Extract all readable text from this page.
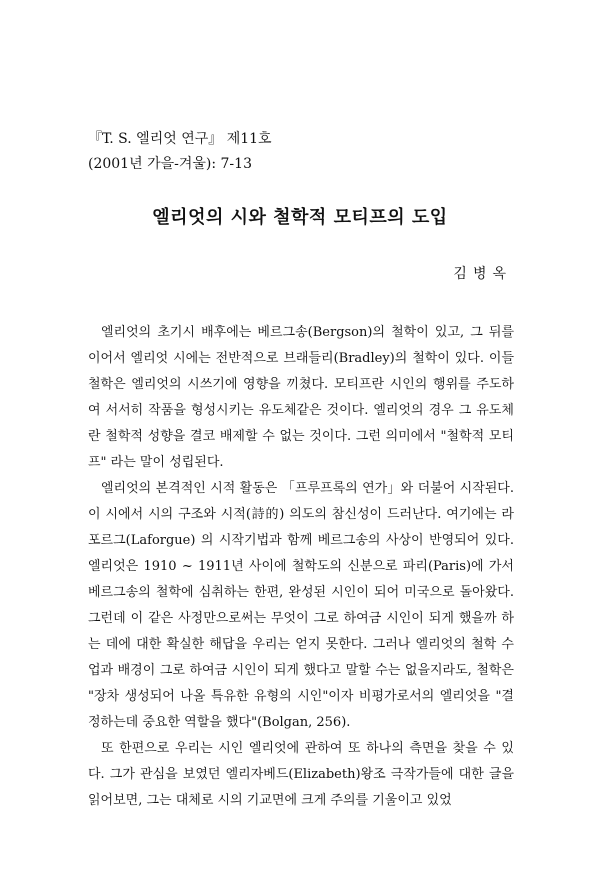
『T. S. 엘리엇 연구』 제11호
(2001년 가을-겨울): 7-13
엘리엇의 시와 철학적 모티프의 도입
김병옥

엘리엇의 초기시 배후에는 베르그송(Bergson)의 철학이 있고, 그 뒤를 이어서 엘리엇 시에는 전반적으로 브래들리(Bradley)의 철학이 있다. 이들 철학은 엘리엇의 시쓰기에 영향을 끼쳤다. 모티프란 시인의 행위를 주도하여 서서히 작품을 형성시키는 유도체같은 것이다. 엘리엇의 경우 그 유도체란 철학적 성향을 결코 배제할 수 없는 것이다. 그런 의미에서 "철학적 모티프" 라는 말이 성립된다.

엘리엇의 본격적인 시적 활동은 「프루프록의 연가」와 더불어 시작된다. 이 시에서 시의 구조와 시적(詩的) 의도의 참신성이 드러난다. 여기에는 라포르그(Laforgue) 의 시작기법과 함께 베르그송의 사상이 반영되어 있다. 엘리엇은 1910 ~ 1911년 사이에 철학도의 신분으로 파리(Paris)에 가서 베르그송의 철학에 심취하는 한편, 완성된 시인이 되어 미국으로 돌아왔다. 그런데 이 같은 사정만으로써는 무엇이 그로 하여금 시인이 되게 했을까 하는 데에 대한 확실한 해답을 우리는 얻지 못한다. 그러나 엘리엇의 철학 수업과 배경이 그로 하여금 시인이 되게 했다고 말할 수는 없을지라도, 철학은 "장차 생성되어 나올 특유한 유형의 시인"이자 비평가로서의 엘리엇을 "결정하는데 중요한 역할을 했다"(Bolgan, 256).

또 한편으로 우리는 시인 엘리엇에 관하여 또 하나의 측면을 찾을 수 있다. 그가 관심을 보였던 엘리자베드(Elizabeth)왕조 극작가들에 대한 글을 읽어보면, 그는 대체로 시의 기교면에 크게 주의를 기울이고 있었
